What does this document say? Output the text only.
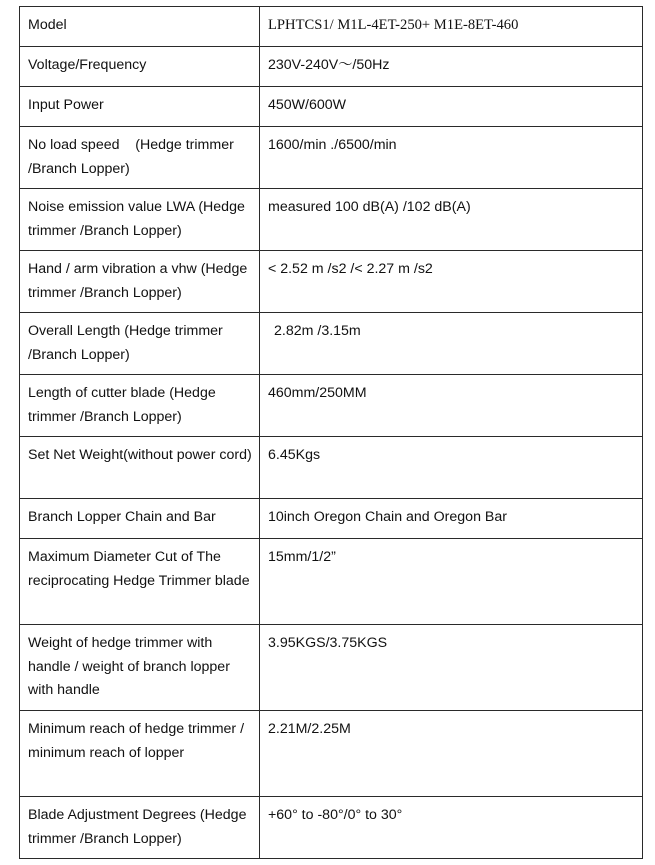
Model	LPHTCS1/ M1L-4ET-250+ M1E-8ET-460
Voltage/Frequency	230V-240V〜/50Hz
Input Power	450W/600W
No load speed    (Hedge trimmer /Branch Lopper)	1600/min ./6500/min
Noise emission value LWA (Hedge trimmer /Branch Lopper)	measured 100 dB(A) /102 dB(A)
Hand / arm vibration a vhw (Hedge trimmer /Branch Lopper)	< 2.52 m /s2 /< 2.27 m /s2
Overall Length (Hedge trimmer /Branch Lopper)	2.82m /3.15m
Length of cutter blade (Hedge trimmer /Branch Lopper)	460mm/250MM
Set Net Weight(without power cord)	6.45Kgs
Branch Lopper Chain and Bar	10inch Oregon Chain and Oregon Bar
Maximum Diameter Cut of The reciprocating Hedge Trimmer blade	15mm/1/2”
Weight of hedge trimmer with handle / weight of branch lopper with handle	3.95KGS/3.75KGS
Minimum reach of hedge trimmer / minimum reach of lopper	2.21M/2.25M
Blade Adjustment Degrees (Hedge trimmer /Branch Lopper)	+60° to -80°/0° to 30°
